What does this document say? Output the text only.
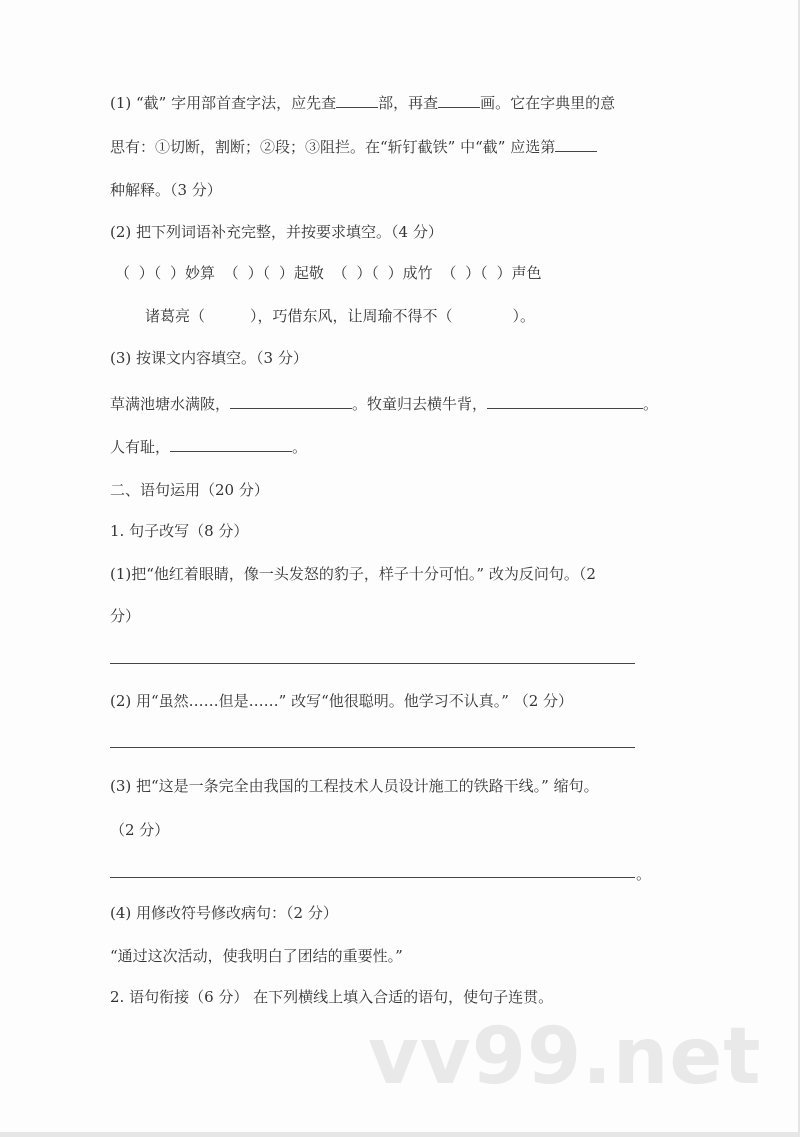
(1) “截” 字用部首查字法，应先查	部，再查	画。它在字典里的意
思有：①切断，割断；②段；③阻拦。在“斩钉截铁” 中“截” 应选第
种解释。（3 分）
(2) 把下列词语补充完整，并按要求填空。（4 分）
（ ）（ ）妙算 （ ）（ ）起敬 （ ）（ ）成竹 （ ）（ ）声色
诸葛亮（　　　），巧借东风，让周瑜不得不（　　　　）。
(3) 按课文内容填空。（3 分）
草满池塘水满陂，	。牧童归去横牛背，	。
人有耻，	。
二、语句运用（20 分）
1. 句子改写（8 分）
(1)把“他红着眼睛，像一头发怒的豹子，样子十分可怕。” 改为反问句。（2
分）
(2) 用“虽然……但是……” 改写“他很聪明。他学习不认真。” （2 分）
(3) 把“这是一条完全由我国的工程技术人员设计施工的铁路干线。” 缩句。
（2 分）
。
(4) 用修改符号修改病句：（2 分）
“通过这次活动，使我明白了团结的重要性。”
2. 语句衔接（6 分） 在下列横线上填入合适的语句，使句子连贯。
vv99.net
